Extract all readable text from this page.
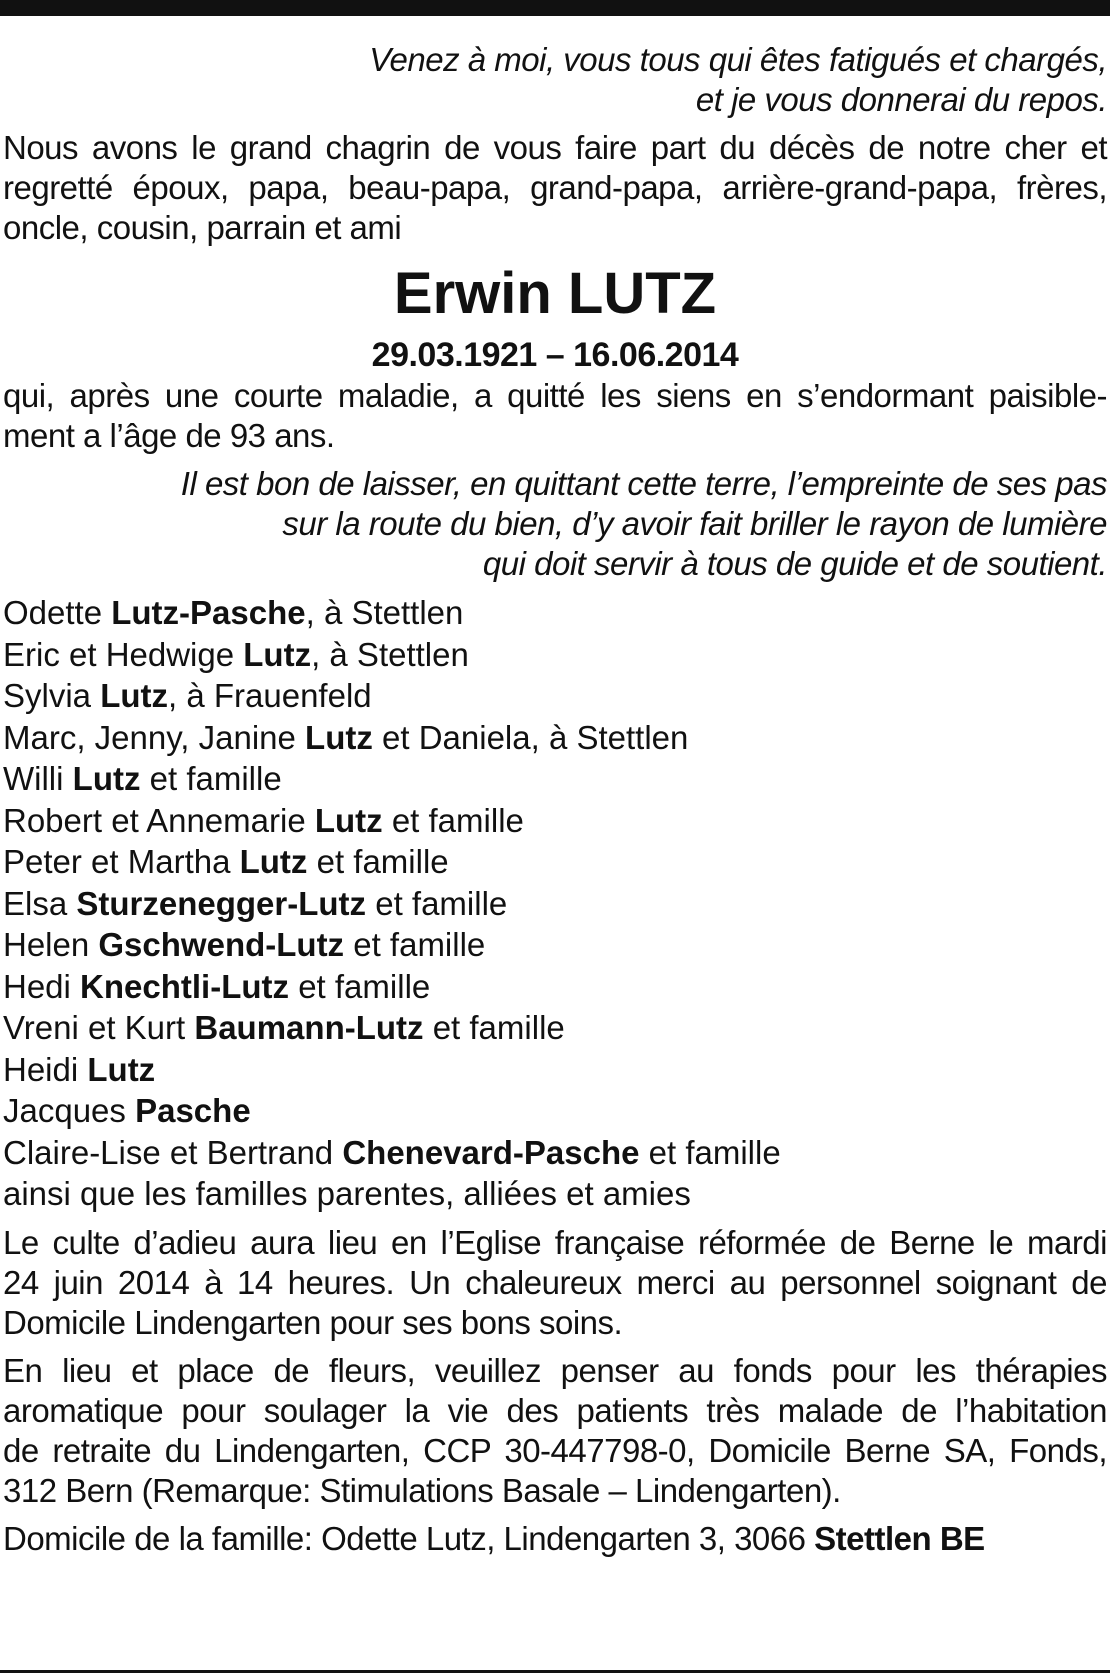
Venez à moi, vous tous qui êtes fatigués et chargés,

et je vous donnerai du repos.

Nous avons le grand chagrin de vous faire part du décès de notre cher et

regretté époux, papa, beau-papa, grand-papa, arrière-grand-papa, frères,

oncle, cousin, parrain et ami

Erwin LUTZ

29.03.1921 – 16.06.2014

qui, après une courte maladie, a quitté les siens en s’endormant paisible-

ment a l’âge de 93 ans.

Il est bon de laisser, en quittant cette terre, l’empreinte de ses pas

sur la route du bien, d’y avoir fait briller le rayon de lumière

qui doit servir à tous de guide et de soutient.

Odette Lutz-Pasche, à Stettlen
Eric et Hedwige Lutz, à Stettlen
Sylvia Lutz, à Frauenfeld
Marc, Jenny, Janine Lutz et Daniela, à Stettlen
Willi Lutz et famille
Robert et Annemarie Lutz et famille
Peter et Martha Lutz et famille
Elsa Sturzenegger-Lutz et famille
Helen Gschwend-Lutz et famille
Hedi Knechtli-Lutz et famille
Vreni et Kurt Baumann-Lutz et famille
Heidi Lutz
Jacques Pasche
Claire-Lise et Bertrand Chenevard-Pasche et famille
ainsi que les familles parentes, alliées et amies

Le culte d’adieu aura lieu en l’Eglise française réformée de Berne le mardi

24 juin 2014 à 14 heures. Un chaleureux merci au personnel soignant de

Domicile Lindengarten pour ses bons soins.

En lieu et place de fleurs, veuillez penser au fonds pour les thérapies

aromatique pour soulager la vie des patients très malade de l’habitation

de retraite du Lindengarten, CCP 30-447798-0, Domicile Berne SA, Fonds,

312 Bern (Remarque: Stimulations Basale – Lindengarten).

Domicile de la famille: Odette Lutz, Lindengarten 3, 3066 Stettlen BE
